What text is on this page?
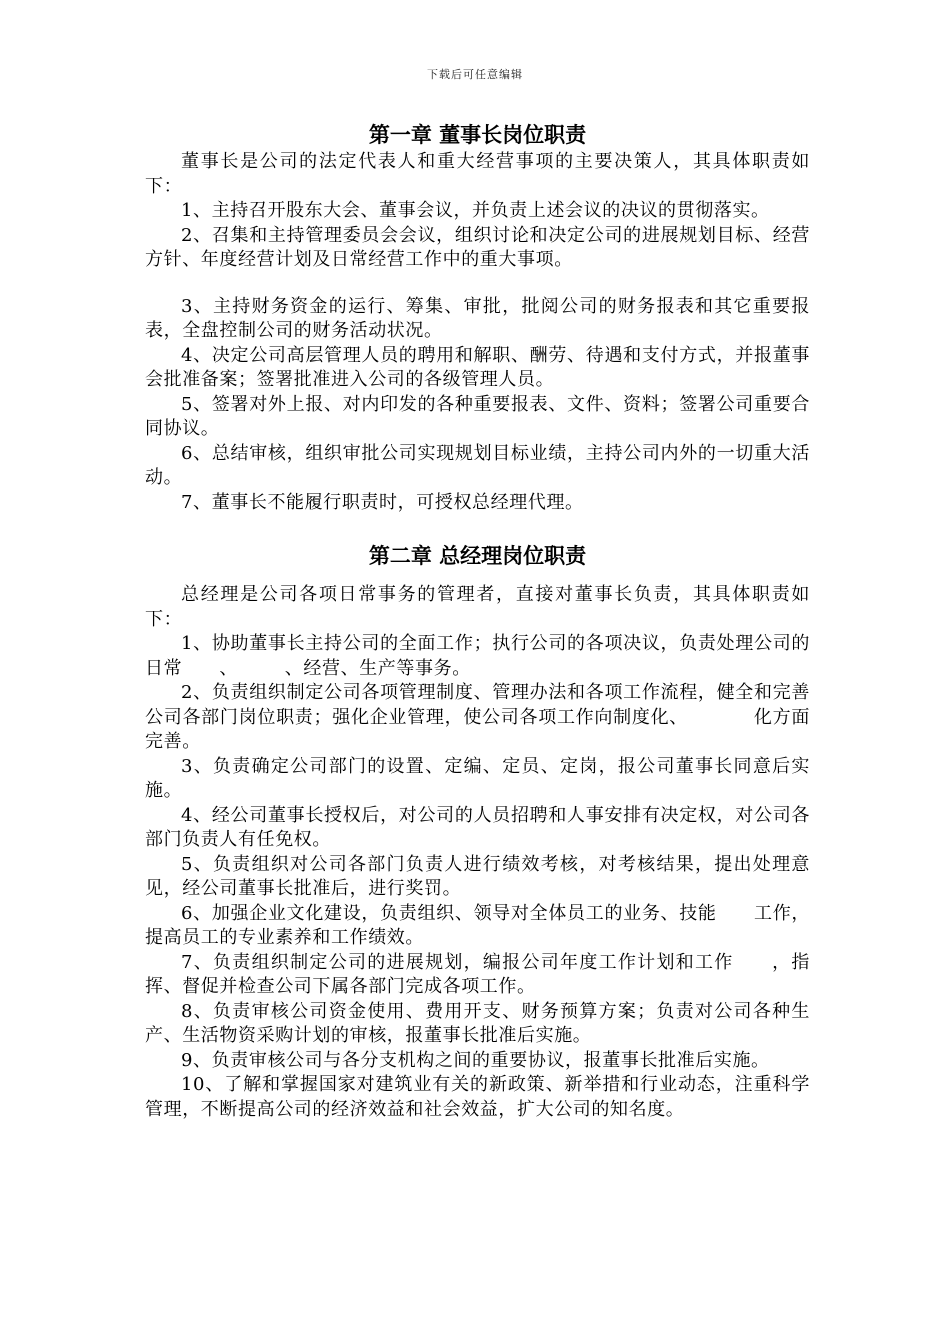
下载后可任意编辑
第一章 董事长岗位职责

董事长是公司的法定代表人和重大经营事项的主要决策人，其具体职责如下：

1、主持召开股东大会、董事会议，并负责上述会议的决议的贯彻落实。

2、召集和主持管理委员会会议，组织讨论和决定公司的进展规划目标、经营方针、年度经营计划及日常经营工作中的重大事项。

3、主持财务资金的运行、筹集、审批，批阅公司的财务报表和其它重要报表，全盘控制公司的财务活动状况。

4、决定公司高层管理人员的聘用和解职、酬劳、待遇和支付方式，并报董事会批准备案；签署批准进入公司的各级管理人员。

5、签署对外上报、对内印发的各种重要报表、文件、资料；签署公司重要合同协议。

6、总结审核，组织审批公司实现规划目标业绩，主持公司内外的一切重大活动。

7、董事长不能履行职责时，可授权总经理代理。

第二章 总经理岗位职责

总经理是公司各项日常事务的管理者，直接对董事长负责，其具体职责如下：

1、协助董事长主持公司的全面工作；执行公司的各项决议，负责处理公司的日常　　、　　　、经营、生产等事务。

2、负责组织制定公司各项管理制度、管理办法和各项工作流程，健全和完善公司各部门岗位职责；强化企业管理，使公司各项工作向制度化、　　　　化方面完善。

3、负责确定公司部门的设置、定编、定员、定岗，报公司董事长同意后实施。

4、经公司董事长授权后，对公司的人员招聘和人事安排有决定权，对公司各部门负责人有任免权。

5、负责组织对公司各部门负责人进行绩效考核，对考核结果，提出处理意见，经公司董事长批准后，进行奖罚。

6、加强企业文化建设，负责组织、领导对全体员工的业务、技能　　工作，提高员工的专业素养和工作绩效。

7、负责组织制定公司的进展规划，编报公司年度工作计划和工作　　，指挥、督促并检查公司下属各部门完成各项工作。

8、负责审核公司资金使用、费用开支、财务预算方案；负责对公司各种生产、生活物资采购计划的审核，报董事长批准后实施。

9、负责审核公司与各分支机构之间的重要协议，报董事长批准后实施。

10、了解和掌握国家对建筑业有关的新政策、新举措和行业动态，注重科学管理，不断提高公司的经济效益和社会效益，扩大公司的知名度。
